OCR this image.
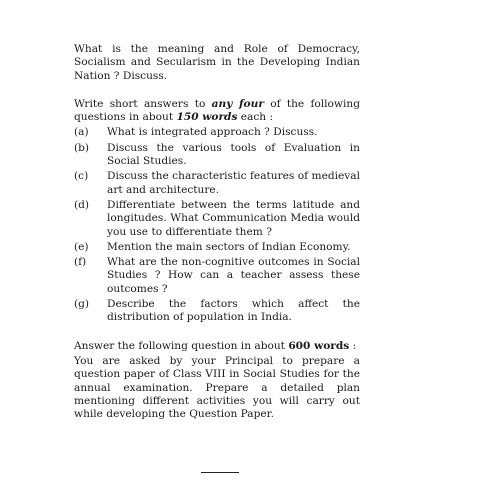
What is the meaning and Role of Democracy, Socialism and Secularism in the Developing Indian Nation ? Discuss.

Write short answers to any four of the following questions in about 150 words each :

(a)	What is integrated approach ? Discuss.
(b)	Discuss the various tools of Evaluation in Social Studies.
(c)	Discuss the characteristic features of medieval art and architecture.
(d)	Differentiate between the terms latitude and longitudes. What Communication Media would you use to differentiate them ?
(e)	Mention the main sectors of Indian Economy.
(f)	What are the non-cognitive outcomes in Social Studies ? How can a teacher assess these outcomes ?
(g)	Describe the factors which affect the distribution of population in India.

Answer the following question in about 600 words :

You are asked by your Principal to prepare a question paper of Class VIII in Social Studies for the annual examination. Prepare a detailed plan mentioning different activities you will carry out while developing the Question Paper.
